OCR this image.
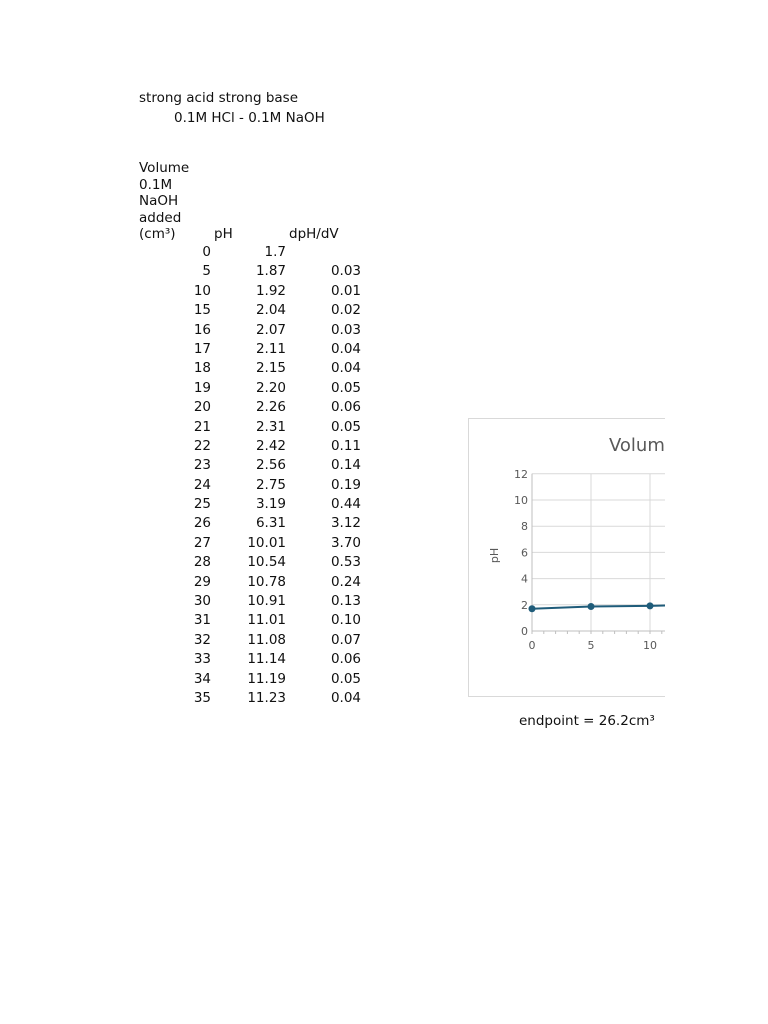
strong acid strong base
0.1M HCl - 0.1M NaOH
Volume
0.1M
NaOH
added
(cm³)	pH	dpH/dV
0	1.7
5	1.87	0.03
10	1.92	0.01
15	2.04	0.02
16	2.07	0.03
17	2.11	0.04
18	2.15	0.04
19	2.20	0.05
20	2.26	0.06
21	2.31	0.05
22	2.42	0.11
23	2.56	0.14
24	2.75	0.19
25	3.19	0.44
26	6.31	3.12
27	10.01	3.70
28	10.54	0.53
29	10.78	0.24
30	10.91	0.13
31	11.01	0.10
32	11.08	0.07
33	11.14	0.06
34	11.19	0.05
35	11.23	0.04
Volum
pH
0
2
4
6
8
10
12
0	5	10
endpoint = 26.2cm³
